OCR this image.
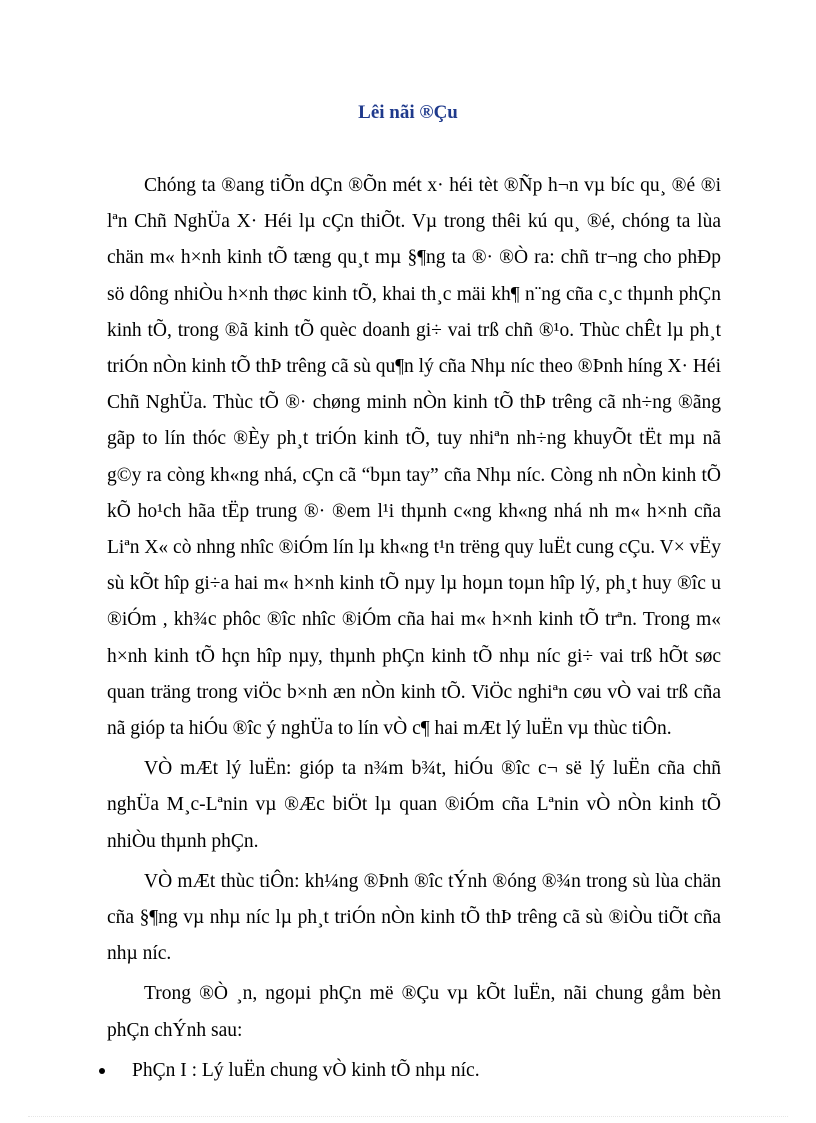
Lêi nãi ®Çu

Chóng ta ®ang tiÕn dÇn ®Õn mét x· héi tèt ®Ñp h¬n vµ bíc qu¸ ®é ®i lªn Chñ NghÜa X· Héi lµ cÇn thiÕt. Vµ trong thêi kú qu¸ ®é, chóng ta lùa chän m« h×nh kinh tÕ tæng qu¸t mµ §¶ng ta ®· ®Ò ra: chñ tr¬ng cho phÐp sö dông nhiÒu h×nh thøc kinh tÕ, khai th¸c mäi kh¶ n¨ng cña c¸c thµnh phÇn kinh tÕ, trong ®ã kinh tÕ quèc doanh gi÷ vai trß chñ ®¹o. Thùc chÊt lµ ph¸t triÓn nÒn kinh tÕ thÞ trêng cã sù qu¶n lý cña Nhµ níc theo ®Þnh híng X· Héi Chñ NghÜa. Thùc tÕ ®· chøng minh nÒn kinh tÕ thÞ trêng cã nh÷ng ®ãng gãp to lín thóc ®Èy ph¸t triÓn kinh tÕ, tuy nhiªn nh÷ng khuyÕt tËt mµ nã g©y ra còng kh«ng nhá, cÇn cã “bµn tay” cña Nhµ níc. Còng nh nÒn kinh tÕ kÕ ho¹ch hãa tËp trung ®· ®em l¹i thµnh c«ng kh«ng nhá nh m« h×nh cña Liªn X« cò nhng nhîc ®iÓm lín lµ kh«ng t¹n trëng quy luËt cung cÇu. V× vËy sù kÕt hîp gi÷a hai m« h×nh kinh tÕ nµy lµ hoµn toµn hîp lý, ph¸t huy ®îc u ®iÓm , kh¾c phôc ®îc nhîc ®iÓm cña hai m« h×nh kinh tÕ trªn. Trong m« h×nh kinh tÕ hçn hîp nµy, thµnh phÇn kinh tÕ nhµ níc gi÷ vai trß hÕt søc quan träng trong viÖc b×nh æn nÒn kinh tÕ. ViÖc nghiªn cøu vÒ vai trß cña nã gióp ta hiÓu ®îc ý nghÜa to lín vÒ c¶ hai mÆt lý luËn vµ thùc tiÔn.

VÒ mÆt lý luËn: gióp ta n¾m b¾t, hiÓu ®îc c¬ së lý luËn cña chñ nghÜa M¸c-Lªnin vµ ®Æc biÖt lµ quan ®iÓm cña Lªnin vÒ nÒn kinh tÕ nhiÒu thµnh phÇn.

VÒ mÆt thùc tiÔn: kh¼ng ®Þnh ®îc tÝnh ®óng ®¾n trong sù lùa chän cña §¶ng vµ nhµ níc lµ ph¸t triÓn nÒn kinh tÕ thÞ trêng cã sù ®iÒu tiÕt cña nhµ níc.

Trong ®Ò ¸n, ngoµi phÇn më ®Çu vµ kÕt luËn, nãi chung gåm bèn phÇn chÝnh sau:

PhÇn I : Lý luËn chung vÒ kinh tÕ nhµ níc.
